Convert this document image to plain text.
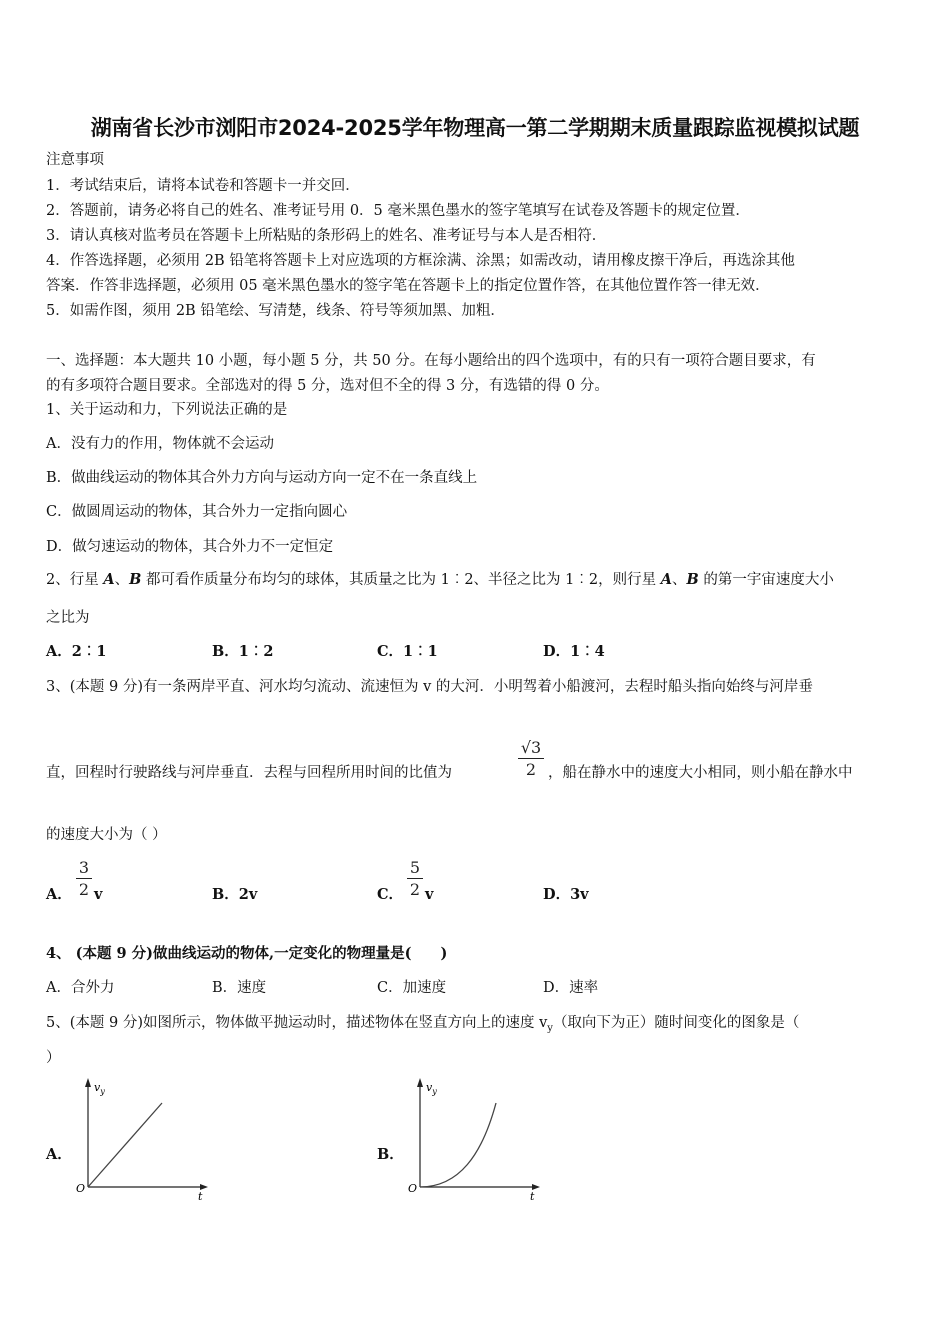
湖南省长沙市浏阳市2024-2025学年物理高一第二学期期末质量跟踪监视模拟试题
注意事项
1．考试结束后，请将本试卷和答题卡一并交回．
2．答题前，请务必将自己的姓名、准考证号用 0．5 毫米黑色墨水的签字笔填写在试卷及答题卡的规定位置．
3．请认真核对监考员在答题卡上所粘贴的条形码上的姓名、准考证号与本人是否相符．
4．作答选择题，必须用 2B 铅笔将答题卡上对应选项的方框涂满、涂黑；如需改动，请用橡皮擦干净后，再选涂其他
答案．作答非选择题，必须用 05 毫米黑色墨水的签字笔在答题卡上的指定位置作答，在其他位置作答一律无效．
5．如需作图，须用 2B 铅笔绘、写清楚，线条、符号等须加黑、加粗．
一、选择题：本大题共 10 小题，每小题 5 分，共 50 分。在每小题给出的四个选项中，有的只有一项符合题目要求，有
的有多项符合题目要求。全部选对的得 5 分，选对但不全的得 3 分，有选错的得 0 分。
1、关于运动和力，下列说法正确的是
A．没有力的作用，物体就不会运动
B．做曲线运动的物体其合外力方向与运动方向一定不在一条直线上
C．做圆周运动的物体，其合外力一定指向圆心
D．做匀速运动的物体，其合外力不一定恒定
2、行星 A、B 都可看作质量分布均匀的球体，其质量之比为 1︰2、半径之比为 1︰2，则行星 A、B 的第一宇宙速度大小
之比为
A．2︰1	B．1︰2	C．1︰1	D．1︰4
3、(本题 9 分)有一条两岸平直、河水均匀流动、流速恒为 v 的大河．小明驾着小船渡河，去程时船头指向始终与河岸垂
直，回程时行驶路线与河岸垂直．去程与回程所用时间的比值为
√3
2 ，船在静水中的速度大小相同，则小船在静水中
的速度大小为（ ）
A．
3
2 v	B．2v	C．
5
2 v	D．3v
4、 (本题 9 分)做曲线运动的物体,一定变化的物理量是(　　)
A．合外力	B．速度	C．加速度	D．速率
5、(本题 9 分)如图所示，物体做平抛运动时，描述物体在竖直方向上的速度 $v_y$（取向下为正）随时间变化的图象是（
）
A．
$v_y$
t
O
B．
$v_y$
t
O
